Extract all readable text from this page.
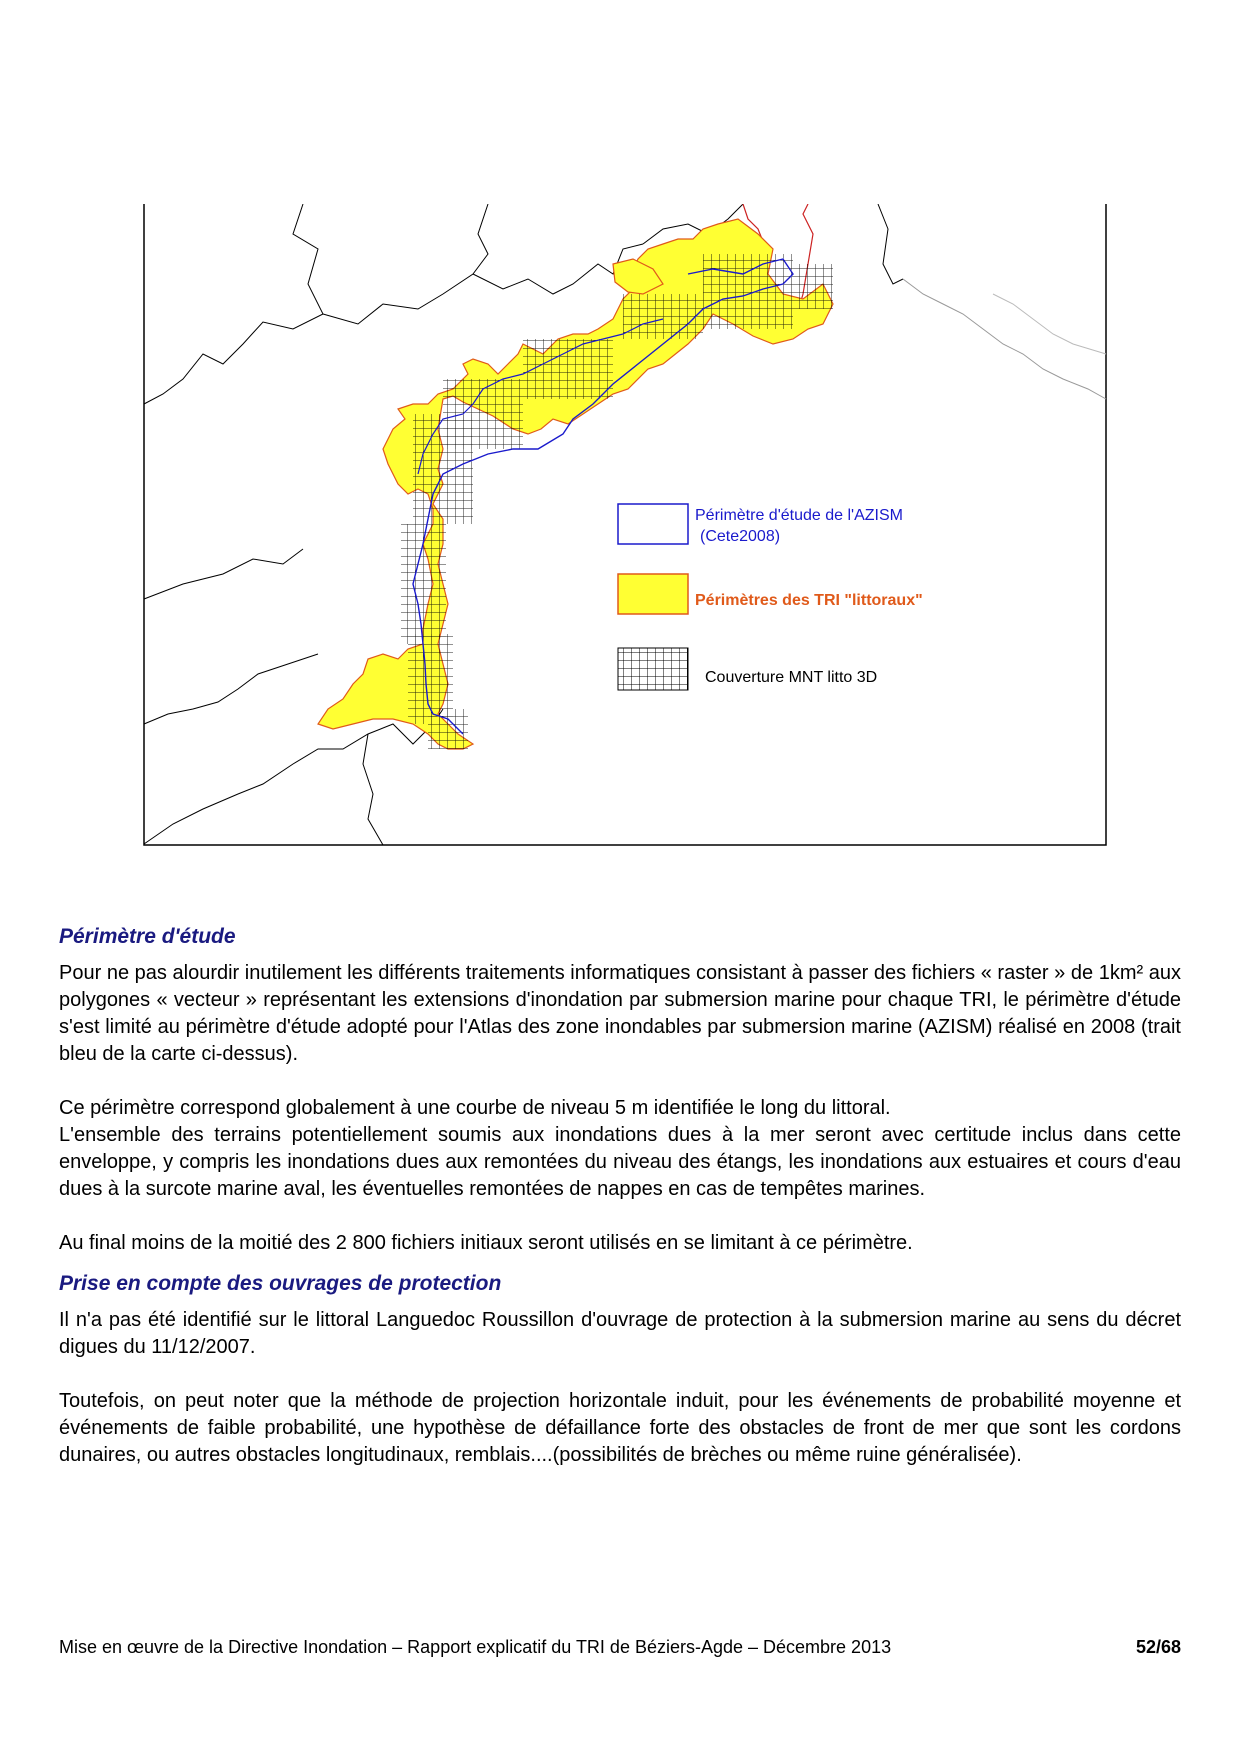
Périmètre d'étude de l'AZISM
(Cete2008)
Périmètres des TRI "littoraux"
Couverture MNT litto 3D
Périmètre d'étude

Pour ne pas alourdir inutilement les différents traitements informatiques consistant à passer des fichiers « raster » de 1km² aux polygones « vecteur » représentant les extensions d'inondation par submersion marine pour chaque TRI, le périmètre d'étude s'est limité au périmètre d'étude adopté pour l'Atlas des zone inondables par submersion marine (AZISM) réalisé en 2008 (trait bleu de la carte ci-dessus).

Ce périmètre correspond globalement à une courbe de niveau 5 m identifiée le long du littoral.

L'ensemble des terrains potentiellement soumis aux inondations dues à la mer seront avec certitude inclus dans cette enveloppe, y compris les inondations dues aux remontées du niveau des étangs, les inondations aux estuaires et cours d'eau dues à la surcote marine aval, les éventuelles remontées de nappes en cas de tempêtes marines.

Au final moins de la moitié des 2 800 fichiers initiaux seront utilisés en se limitant à ce périmètre.

Prise en compte des ouvrages de protection

Il n'a pas été identifié sur le littoral Languedoc Roussillon d'ouvrage de protection à la submersion marine au sens du décret digues du 11/12/2007.

Toutefois, on peut noter que la méthode de projection horizontale induit, pour les événements de probabilité moyenne et événements de faible probabilité, une hypothèse de défaillance forte des obstacles de front de mer que sont les cordons dunaires, ou autres obstacles longitudinaux, remblais....(possibilités de brèches ou même ruine généralisée).

Mise en œuvre de la Directive Inondation – Rapport explicatif du TRI de Béziers-Agde – Décembre 2013	52/68
